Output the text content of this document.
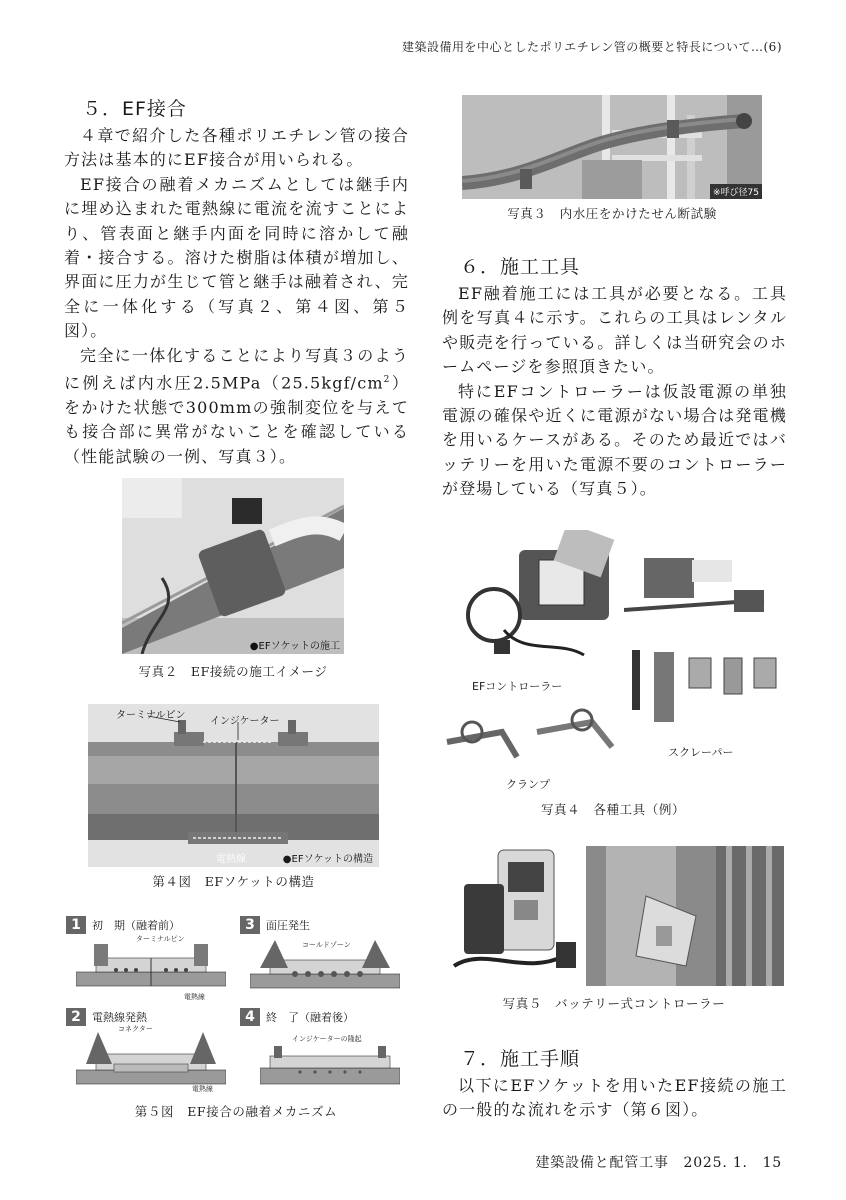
建築設備用を中心としたポリエチレン管の概要と特長について…(6)
５．EF接合

４章で紹介した各種ポリエチレン管の接合方法は基本的にEF接合が用いられる。

EF接合の融着メカニズムとしては継手内に埋め込まれた電熱線に電流を流すことにより、管表面と継手内面を同時に溶かして融着・接合する。溶けた樹脂は体積が増加し、界面に圧力が生じて管と継手は融着され、完全に一体化する（写真２、第４図、第５図）。

完全に一体化することにより写真３のように例えば内水圧$2.5MPa(25.5kgf/cm^2)$をかけた状態で300mmの強制変位を与えても接合部に異常がないことを確認している（性能試験の一例、写真３）。

※呼び径75
写真３　内水圧をかけたせん断試験
６．施工工具

EF融着施工には工具が必要となる。工具例を写真４に示す。これらの工具はレンタルや販売を行っている。詳しくは当研究会のホームページを参照頂きたい。

特にEFコントローラーは仮設電源の単独電源の確保や近くに電源がない場合は発電機を用いるケースがある。そのため最近ではバッテリーを用いた電源不要のコントローラーが登場している（写真５）。

●EFソケットの施工
写真２　EF接続の施工イメージ
ターミナルピン
インジケーター
電熱線	●EFソケットの構造
第４図　EFソケットの構造
1 初　期（融着前）
ターミナルピン
電熱線
3 面圧発生
コールドゾーン
2 電熱線発熱
コネクター
電熱線
4 終　了（融着後）
インジケーターの隆起
第５図　EF接合の融着メカニズム
EFコントローラー
スクレーパー
クランプ
写真４　各種工具（例）
写真５　バッテリー式コントローラー
７．施工手順

以下にEFソケットを用いたEF接続の施工の一般的な流れを示す（第６図）。

建築設備と配管工事　2025. 1.　15
